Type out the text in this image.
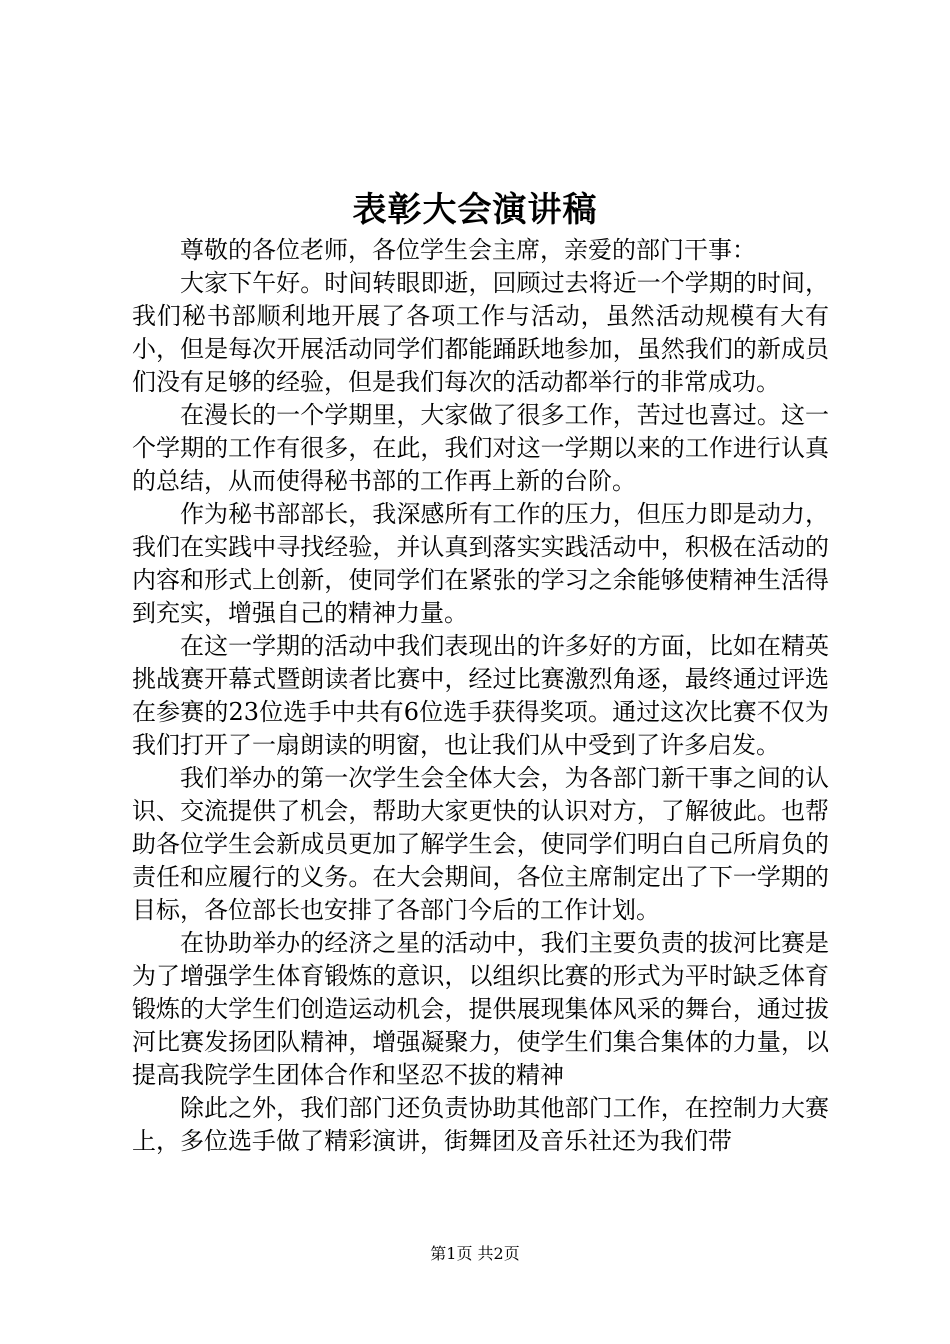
表彰大会演讲稿

尊敬的各位老师，各位学生会主席，亲爱的部门干事：

大家下午好。时间转眼即逝，回顾过去将近一个学期的时间，我们秘书部顺利地开展了各项工作与活动，虽然活动规模有大有小，但是每次开展活动同学们都能踊跃地参加，虽然我们的新成员们没有足够的经验，但是我们每次的活动都举行的非常成功。

在漫长的一个学期里，大家做了很多工作，苦过也喜过。这一个学期的工作有很多，在此，我们对这一学期以来的工作进行认真的总结，从而使得秘书部的工作再上新的台阶。

作为秘书部部长，我深感所有工作的压力，但压力即是动力，我们在实践中寻找经验，并认真到落实实践活动中，积极在活动的内容和形式上创新，使同学们在紧张的学习之余能够使精神生活得到充实，增强自己的精神力量。

在这一学期的活动中我们表现出的许多好的方面，比如在精英挑战赛开幕式暨朗读者比赛中，经过比赛激烈角逐，最终通过评选在参赛的23位选手中共有6位选手获得奖项。通过这次比赛不仅为我们打开了一扇朗读的明窗，也让我们从中受到了许多启发。

我们举办的第一次学生会全体大会，为各部门新干事之间的认识、交流提供了机会，帮助大家更快的认识对方，了解彼此。也帮助各位学生会新成员更加了解学生会，使同学们明白自己所肩负的责任和应履行的义务。在大会期间，各位主席制定出了下一学期的目标，各位部长也安排了各部门今后的工作计划。

在协助举办的经济之星的活动中，我们主要负责的拔河比赛是为了增强学生体育锻炼的意识，以组织比赛的形式为平时缺乏体育锻炼的大学生们创造运动机会，提供展现集体风采的舞台，通过拔河比赛发扬团队精神，增强凝聚力，使学生们集合集体的力量，以提高我院学生团体合作和坚忍不拔的精神

除此之外，我们部门还负责协助其他部门工作，在控制力大赛上，多位选手做了精彩演讲，街舞团及音乐社还为我们带

第1页 共2页
